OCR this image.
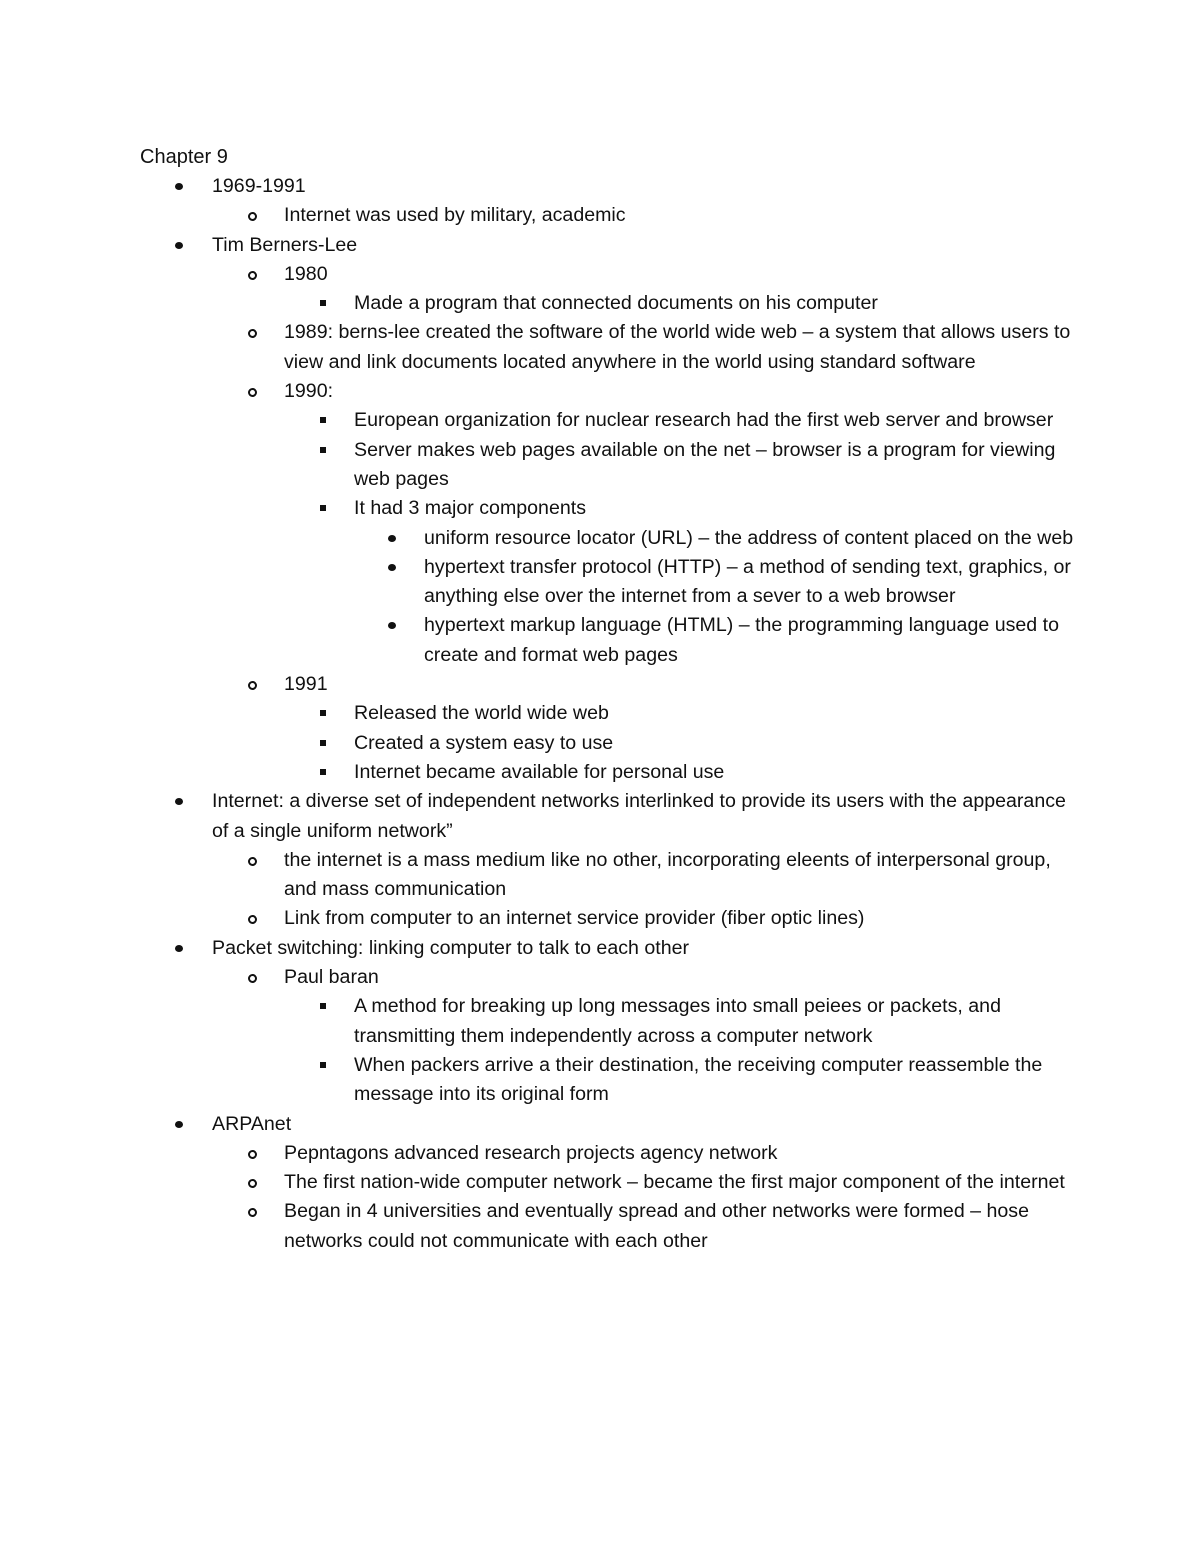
Chapter 9
1969-1991
Internet was used by military, academic
Tim Berners-Lee
1980
Made a program that connected documents on his computer
1989: berns-lee created the software of the world wide web – a system that allows users to view and link documents located anywhere in the world using standard software
1990:
European organization for nuclear research had the first web server and browser
Server makes web pages available on the net – browser is a program for viewing web pages
It had 3 major components
uniform resource locator (URL) – the address of content placed on the web
hypertext transfer protocol (HTTP) – a method of sending text, graphics, or anything else over the internet from a sever to a web browser
hypertext markup language (HTML) – the programming language used to create and format web pages
1991
Released the world wide web
Created a system easy to use
Internet became available for personal use
Internet: a diverse set of independent networks interlinked to provide its users with the appearance of a single uniform network”
the internet is a mass medium like no other, incorporating eleents of interpersonal group, and mass communication
Link from computer to an internet service provider (fiber optic lines)
Packet switching: linking computer to talk to each other
Paul baran
A method for breaking up long messages into small peiees or packets, and transmitting them independently across a computer network
When packers arrive a their destination, the receiving computer reassemble the message into its original form
ARPAnet
Pepntagons advanced research projects agency network
The first nation-wide computer network – became the first major component of the internet
Began in 4 universities and eventually spread and other networks were formed – hose networks could not communicate with each other
